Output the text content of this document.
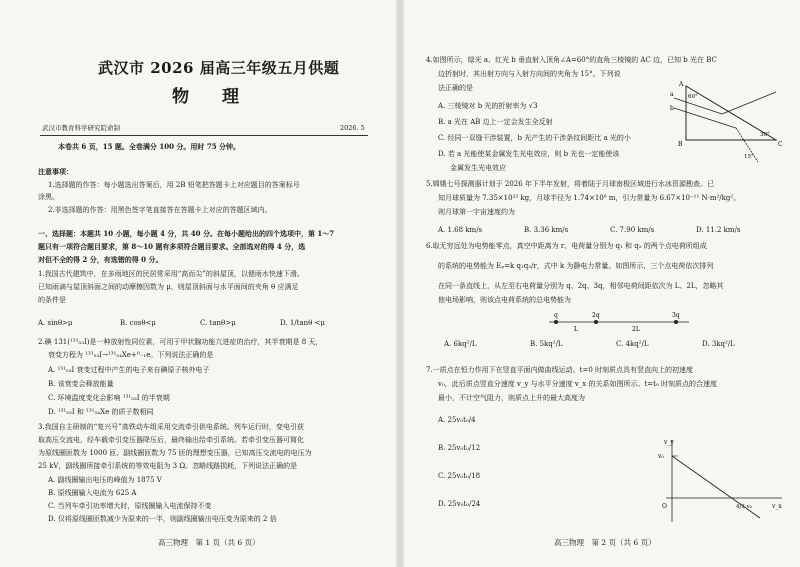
武汉市 2026 届高三年级五月供题
物　理
武汉市教育科学研究院命制	2026. 5
本卷共 6 页，15 题。全卷满分 100 分。用时 75 分钟。
注意事项：
1.选择题的作答：每小题选出答案后，用 2B 铅笔把答题卡上对应题目的答案标号
涂黑。
2.非选择题的作答：用黑色签字笔直接答在答题卡上对应的答题区域内。
一、选择题：本题共 10 小题，每小题 4 分，共 40 分。在每小题给出的四个选项中，第 1～7
题只有一项符合题目要求，第 8～10 题有多项符合题目要求。全部选对的得 4 分，选
对但不全的得 2 分，有选错的得 0 分。
1.我国古代建筑中，在多雨地区的民居常采用“高而尖”的斜屋顶，以便雨水快速下滑。
已知雨滴与屋顶斜面之间的动摩擦因数为 μ，则屋顶斜面与水平面间的夹角 θ 应满足
的条件是
A. sinθ>μ	B. cosθ<μ	C. tanθ>μ	D. 1/tanθ <μ
2.碘 131(¹³¹₅₃I)是一种放射性同位素，可用于甲状腺功能亢进症的治疗，其半衰期是 8 天，
衰变方程为 ¹³¹₅₃I→¹³¹₅₄Xe+⁰₋₁e。下列说法正确的是
A. ¹³¹₅₃I 衰变过程中产生的电子来自碘原子核外电子
B. 该衰变会释放能量
C. 环境温度变化会影响 ¹³¹₅₃I 的半衰期
D. ¹³¹₅₃I 和 ¹³¹₅₄Xe 的质子数相同
3.我国自主研制的“复兴号”高铁动车组采用交流牵引供电系统。列车运行时，变电引获
取高压交流电，经车载牵引变压器降压后，最终输出给牵引系统。若牵引变压器可简化
为原线圈匝数为 1000 匝、副线圈匝数为 75 匝的理想变压器，已知高压交流电的电压为
25 kV，副线圈所接牵引系统的等效电阻为 3 Ω。忽略线路损耗，下列说法正确的是
A. 副线圈输出电压的峰值为 1875 V
B. 原线圈输入电流为 625 A
C. 当列车牵引功率增大时，原线圈输入电流保持不变
D. 仅将原线圈匝数减少为原来的一半，则副线圈输出电压变为原来的 2 倍
高三物理　第 1 页（共 6 页）
4.如图所示，绿光 a、红光 b 垂直射入顶角∠A=60°的直角三棱镜的 AC 边，已知 b 光在 BC
边折射时，其出射方向与入射方向间的夹角为 15°。下列说
法正确的是
A. 三棱镜对 b 光的折射率为 √3
B. a 光在 AB 边上一定会发生全反射
C. 经同一双缝干涉装置，b 光产生的干涉条纹间距比 a 光的小
D. 若 a 光能使某金属发生光电效应，则 b 光也一定能使该
金属发生光电效应
A
B	C
a
b
60°
30°
15°
5.嫦娥七号探测器计划于 2026 年下半年发射，将着陆于月球南极区域进行水冰资源勘查。已
知月球质量为 7.35×10²² kg，月球半径为 1.74×10⁶ m，引力常量为 6.67×10⁻¹¹ N·m²/kg²。
则月球第一宇宙速度约为
A. 1.68 km/s	B. 3.36 km/s	C. 7.90 km/s	D. 11.2 km/s
6.取无穷远处为电势能零点，真空中距离为 r、电荷量分别为 q₁ 和 q₂ 的两个点电荷所组成
的系统的电势能为 Eₚ=k q₁q₂/r，式中 k 为静电力常量。如图所示，三个点电荷依次排列
在同一条直线上，从左至右电荷量分别为 q、2q、3q，相邻电荷间距依次为 L、2L，忽略其
他电场影响，则该点电荷系统的总电势能为
q	2q	3q
L	2L
A. 6kq²/L	B. 5kq²/L	C. 4kq²/L	D. 3kq²/L
7.一质点在恒力作用下在竖直平面内做曲线运动。t=0 时刻质点具有竖直向上的初速度
v₀，此后质点竖直分速度 v_y 与水平分速度 v_x 的关系如图所示。t=t₀ 时刻质点的合速度
最小，不计空气阻力，则质点上升的最大高度为
A. 25v₀t₀/4
B. 25v₀t₀/12
C. 25v₀t₀/18
D. 25v₀t₀/24
v_y
v_x
v₀
O	4/3 v₀
高三物理　第 2 页（共 6 页）
